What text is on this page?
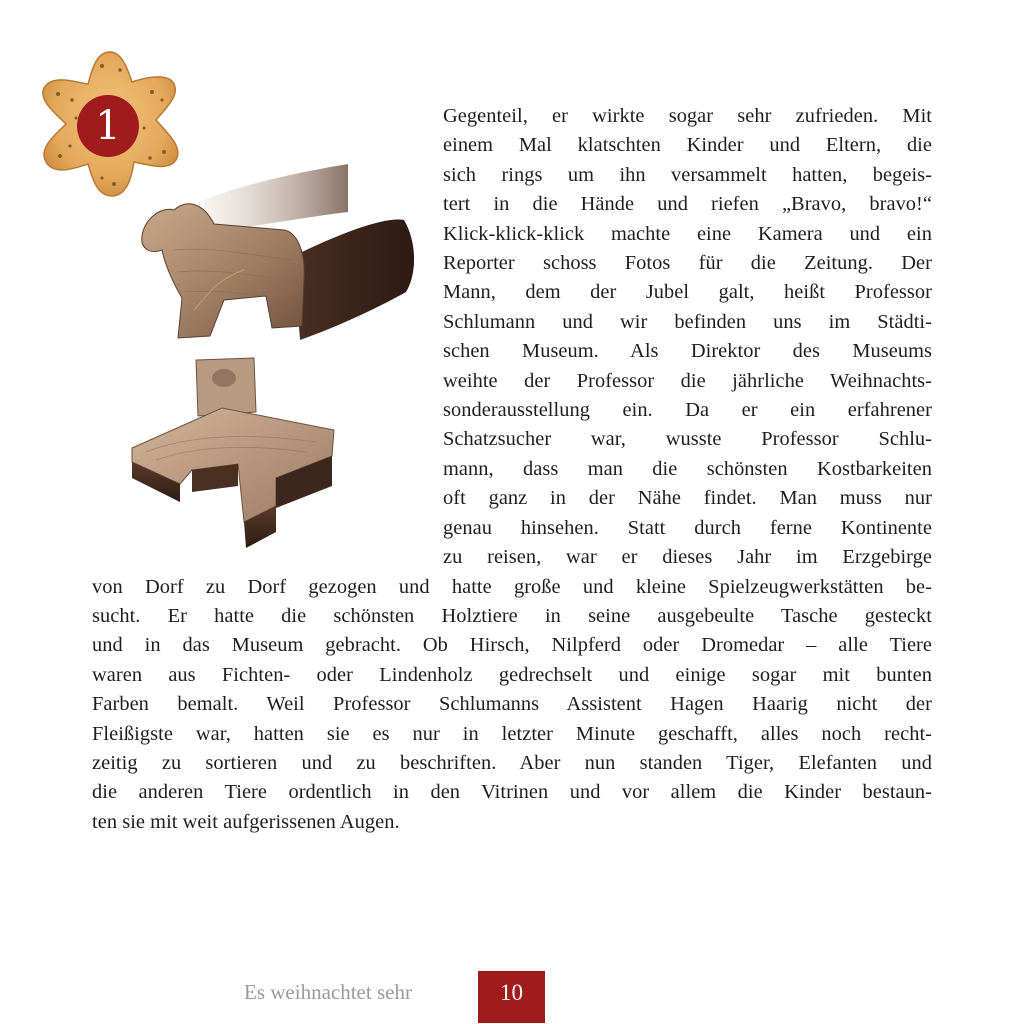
1	Gegenteil, er wirkte sogar sehr zufrieden. Mit
einem Mal klatschten Kinder und Eltern, die
sich rings um ihn versammelt hatten, begeis-
tert in die Hände und riefen „Bravo, bravo!“
Klick-klick-klick machte eine Kamera und ein
Reporter schoss Fotos für die Zeitung. Der
Mann, dem der Jubel galt, heißt Professor
Schlumann und wir befinden uns im Städti-
schen Museum. Als Direktor des Museums
weihte der Professor die jährliche Weihnachts-
sonderausstellung ein. Da er ein erfahrener
Schatzsucher war, wusste Professor Schlu-
mann, dass man die schönsten Kostbarkeiten
oft ganz in der Nähe findet. Man muss nur
genau hinsehen. Statt durch ferne Kontinente
zu reisen, war er dieses Jahr im Erzgebirge
von Dorf zu Dorf gezogen und hatte große und kleine Spielzeugwerkstätten be-
sucht. Er hatte die schönsten Holztiere in seine ausgebeulte Tasche gesteckt
und in das Museum gebracht. Ob Hirsch, Nilpferd oder Dromedar – alle Tiere
waren aus Fichten- oder Lindenholz gedrechselt und einige sogar mit bunten
Farben bemalt. Weil Professor Schlumanns Assistent Hagen Haarig nicht der
Fleißigste war, hatten sie es nur in letzter Minute geschafft, alles noch recht-
zeitig zu sortieren und zu beschriften. Aber nun standen Tiger, Elefanten und
die anderen Tiere ordentlich in den Vitrinen und vor allem die Kinder bestaun-
ten sie mit weit aufgerissenen Augen.
Es weihnachtet sehr	10
